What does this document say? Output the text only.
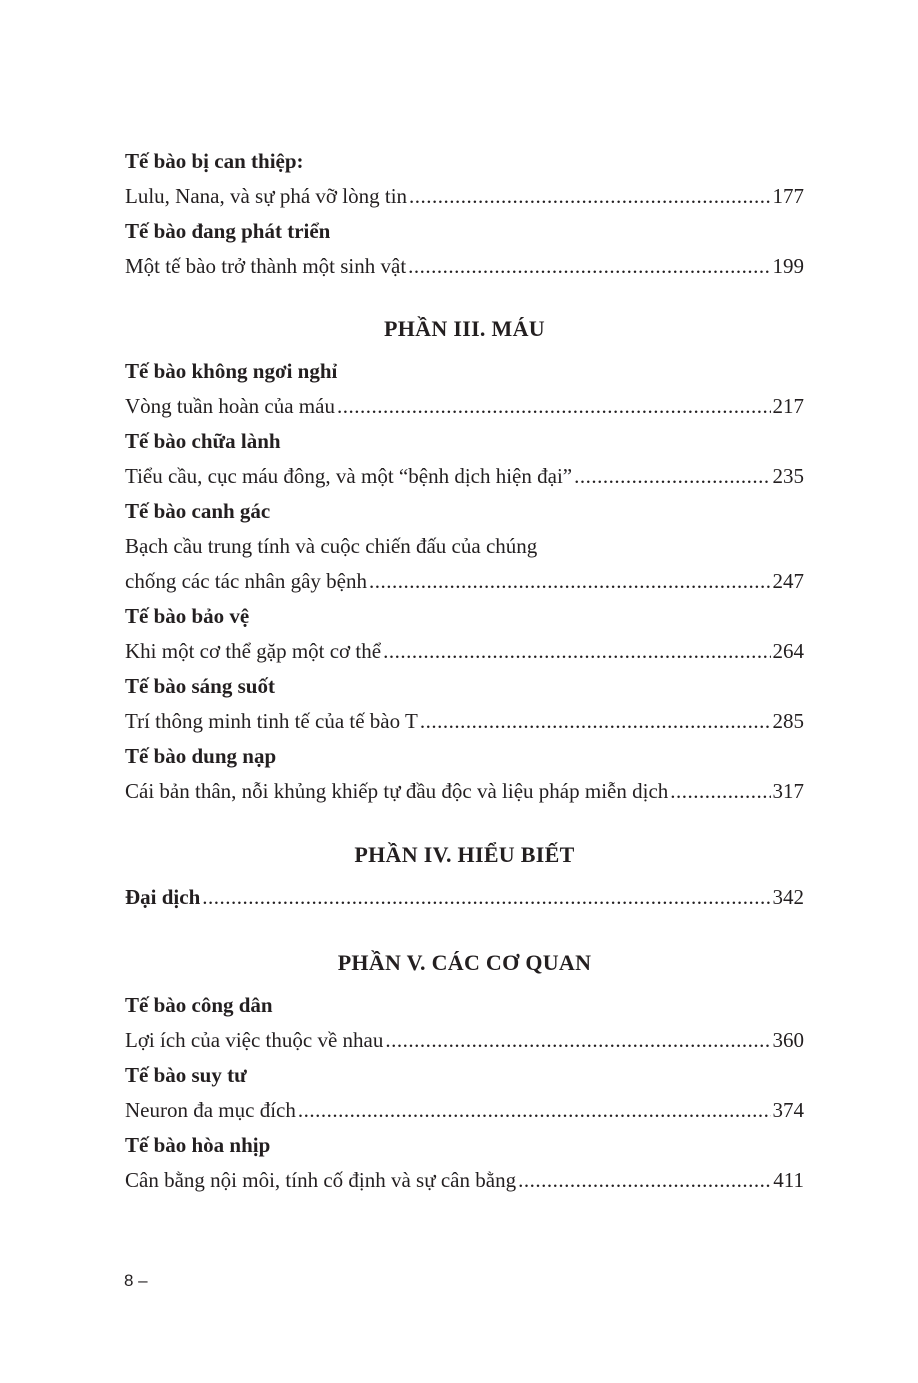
Tế bào bị can thiệp:
Lulu, Nana, và sự phá vỡ lòng tin .....	177
Tế bào đang phát triển
Một tế bào trở thành một sinh vật .....	199
PHẦN III. MÁU
Tế bào không ngơi nghỉ
Vòng tuần hoàn của máu .....	217
Tế bào chữa lành
Tiểu cầu, cục máu đông, và một “bệnh dịch hiện đại” .....	235
Tế bào canh gác
Bạch cầu trung tính và cuộc chiến đấu của chúng
chống các tác nhân gây bệnh .....	247
Tế bào bảo vệ
Khi một cơ thể gặp một cơ thể .....	264
Tế bào sáng suốt
Trí thông minh tinh tế của tế bào T .....	285
Tế bào dung nạp
Cái bản thân, nỗi khủng khiếp tự đầu độc và liệu pháp miễn dịch .....	317
PHẦN IV. HIỂU BIẾT
Đại dịch .....	342
PHẦN V. CÁC CƠ QUAN
Tế bào công dân
Lợi ích của việc thuộc về nhau .....	360
Tế bào suy tư
Neuron đa mục đích .....	374
Tế bào hòa nhịp
Cân bằng nội môi, tính cố định và sự cân bằng .....	411
8 –
